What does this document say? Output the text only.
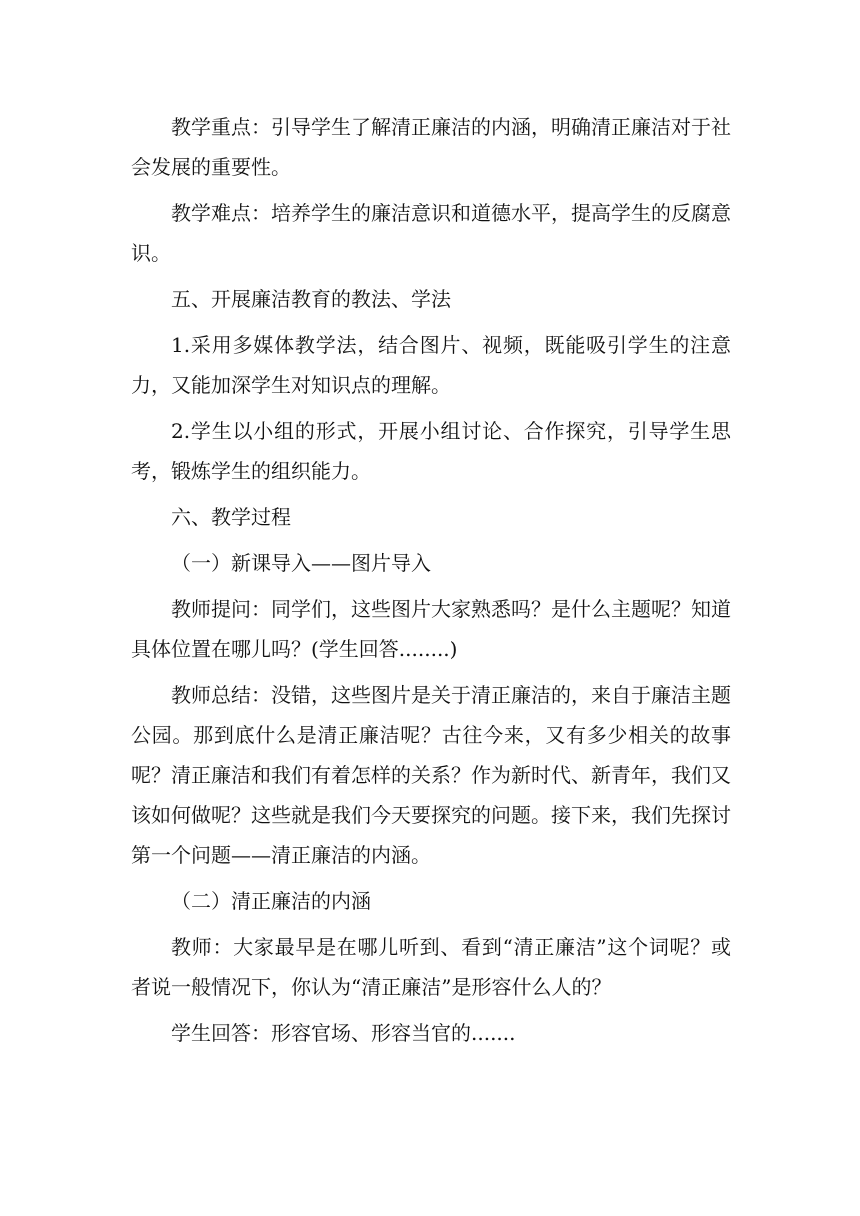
教学重点：引导学生了解清正廉洁的内涵，明确清正廉洁对于社会发展的重要性。

教学难点：培养学生的廉洁意识和道德水平，提高学生的反腐意识。

五、开展廉洁教育的教法、学法

1.采用多媒体教学法，结合图片、视频，既能吸引学生的注意力，又能加深学生对知识点的理解。

2.学生以小组的形式，开展小组讨论、合作探究，引导学生思考，锻炼学生的组织能力。

六、教学过程

（一）新课导入——图片导入

教师提问：同学们，这些图片大家熟悉吗？是什么主题呢？知道具体位置在哪儿吗？(学生回答........)

教师总结：没错，这些图片是关于清正廉洁的，来自于廉洁主题公园。那到底什么是清正廉洁呢？古往今来，又有多少相关的故事呢？清正廉洁和我们有着怎样的关系？作为新时代、新青年，我们又该如何做呢？这些就是我们今天要探究的问题。接下来，我们先探讨第一个问题——清正廉洁的内涵。

（二）清正廉洁的内涵

教师：大家最早是在哪儿听到、看到“清正廉洁”这个词呢？或者说一般情况下，你认为“清正廉洁”是形容什么人的？

学生回答：形容官场、形容当官的.......
